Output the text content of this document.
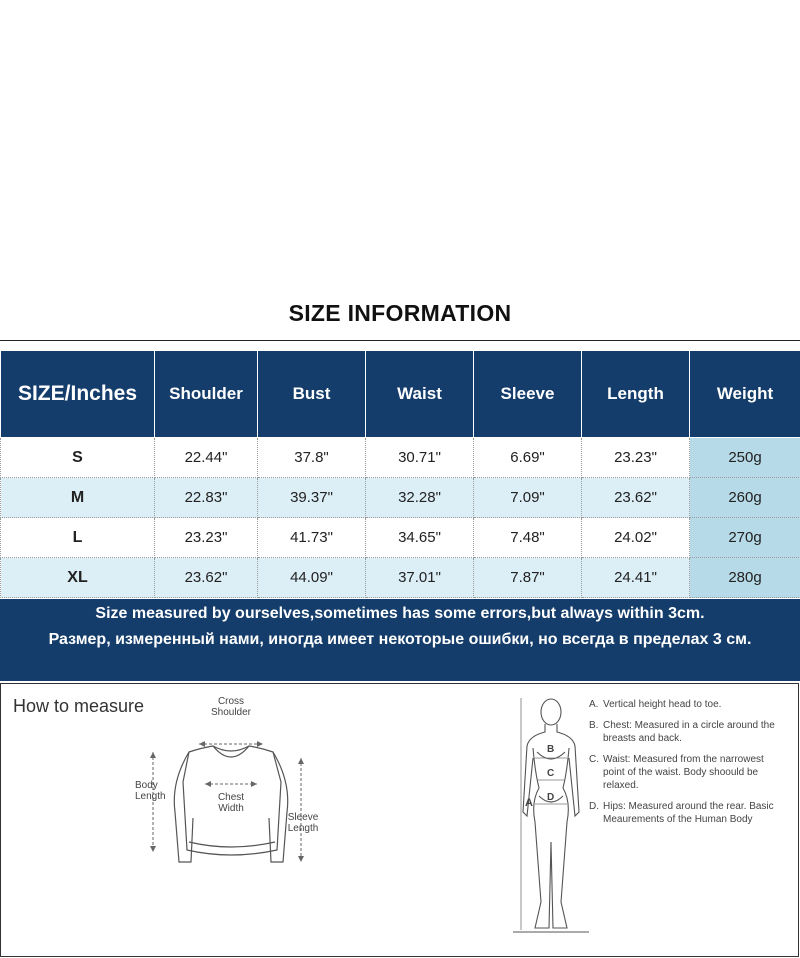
SIZE INFORMATION
SIZE/Inches	Shoulder	Bust	Waist	Sleeve	Length	Weight
S	22.44"	37.8"	30.71"	6.69"	23.23"	250g
M	22.83"	39.37"	32.28"	7.09"	23.62"	260g
L	23.23"	41.73"	34.65"	7.48"	24.02"	270g
XL	23.62"	44.09"	37.01"	7.87"	24.41"	280g
Size measured by ourselves,sometimes has some errors,but always within 3cm.
Размер, измеренный нами, иногда имеет некоторые ошибки, но всегда в пределах 3 см.
How to measure	Cross
Shoulder
Body
Length	Chest
Width
Sleeve
Length
A
B
C
D
A. Vertical height head to toe.
B. Chest: Measured in a circle around the breasts and back.
C. Waist: Measured from the narrowest point of the waist. Body shoould be relaxed.
D. Hips: Measured around the rear. Basic Meaurements of the Human Body
